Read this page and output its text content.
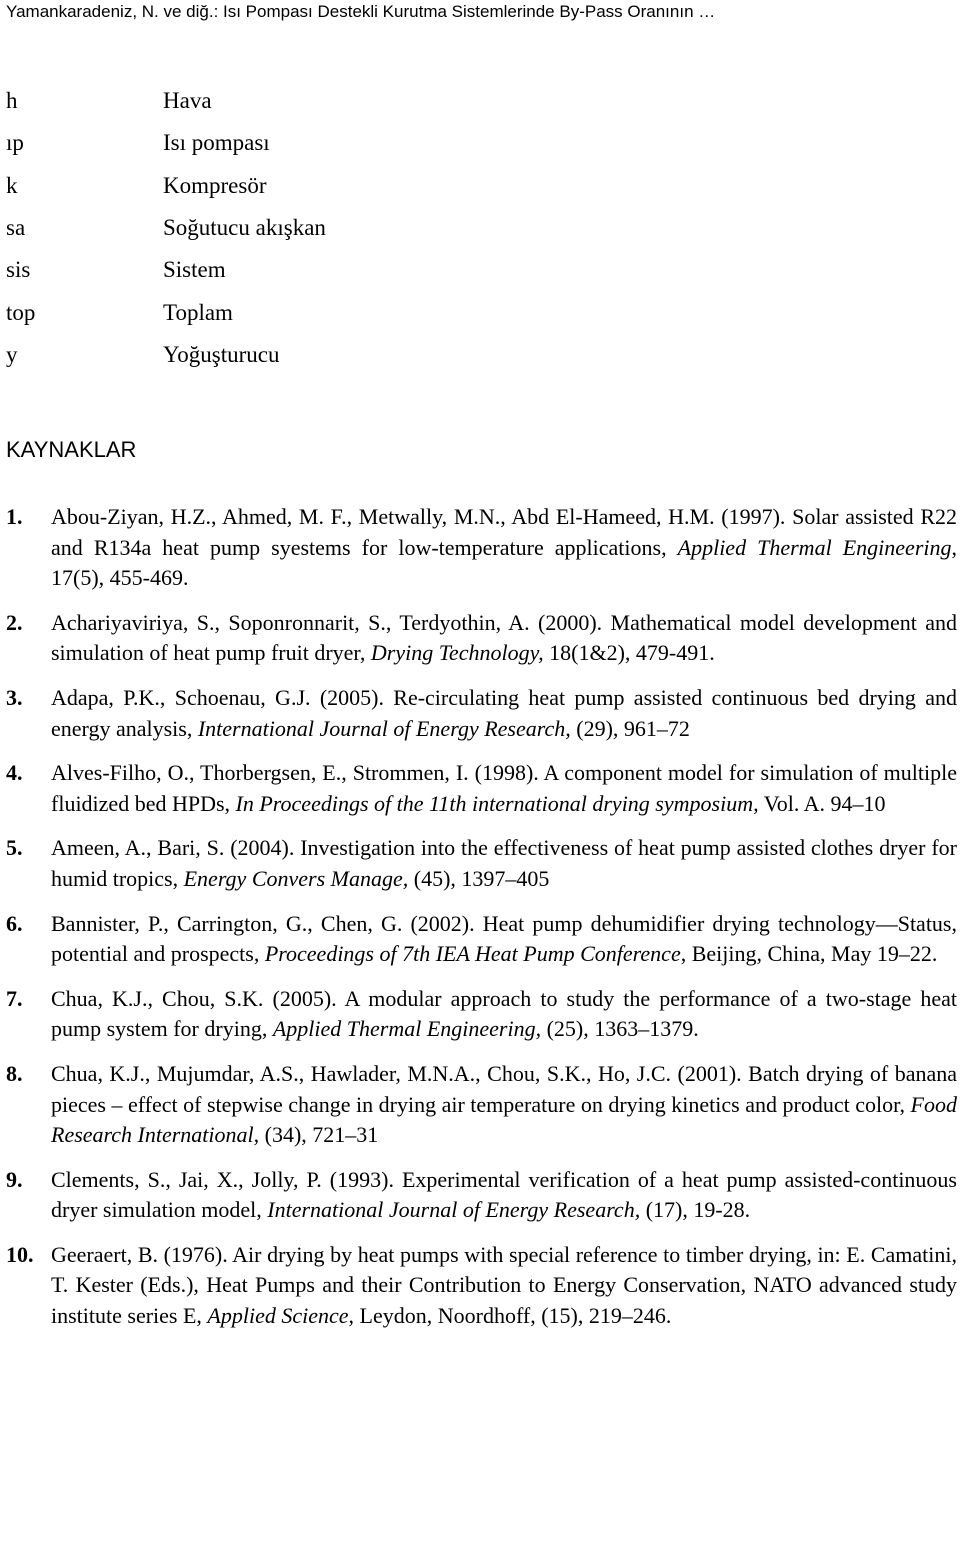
Yamankaradeniz, N. ve diğ.: Isı Pompası Destekli Kurutma Sistemlerinde By-Pass Oranının …
h	Hava
ıp	Isı pompası
k	Kompresör
sa	Soğutucu akışkan
sis	Sistem
top	Toplam
y	Yoğuşturucu
KAYNAKLAR
1.	Abou-Ziyan, H.Z., Ahmed, M. F., Metwally, M.N., Abd El-Hameed, H.M. (1997). Solar assisted R22 and R134a heat pump syestems for low-temperature applications, Applied Thermal Engineering, 17(5), 455-469.
2.	Achariyaviriya, S., Soponronnarit, S., Terdyothin, A. (2000). Mathematical model development and simulation of heat pump fruit dryer, Drying Technology, 18(1&2), 479-491.
3.	Adapa, P.K., Schoenau, G.J. (2005). Re-circulating heat pump assisted continuous bed drying and energy analysis, International Journal of Energy Research, (29), 961–72
4.	Alves-Filho, O., Thorbergsen, E., Strommen, I. (1998). A component model for simulation of multiple fluidized bed HPDs, In Proceedings of the 11th international drying symposium, Vol. A. 94–10
5.	Ameen, A., Bari, S. (2004). Investigation into the effectiveness of heat pump assisted clothes dryer for humid tropics, Energy Convers Manage, (45), 1397–405
6.	Bannister, P., Carrington, G., Chen, G. (2002). Heat pump dehumidifier drying technology—Status, potential and prospects, Proceedings of 7th IEA Heat Pump Conference, Beijing, China, May 19–22.
7.	Chua, K.J., Chou, S.K. (2005). A modular approach to study the performance of a two-stage heat pump system for drying, Applied Thermal Engineering, (25), 1363–1379.
8.	Chua, K.J., Mujumdar, A.S., Hawlader, M.N.A., Chou, S.K., Ho, J.C. (2001). Batch drying of banana pieces – effect of stepwise change in drying air temperature on drying kinetics and product color, Food Research International, (34), 721–31
9.	Clements, S., Jai, X., Jolly, P. (1993). Experimental verification of a heat pump assisted-continuous dryer simulation model, International Journal of Energy Research, (17), 19-28.
10. Geeraert, B. (1976). Air drying by heat pumps with special reference to timber drying, in: E. Camatini, T. Kester (Eds.), Heat Pumps and their Contribution to Energy Conservation, NATO advanced study institute series E, Applied Science, Leydon, Noordhoff, (15), 219–246.
